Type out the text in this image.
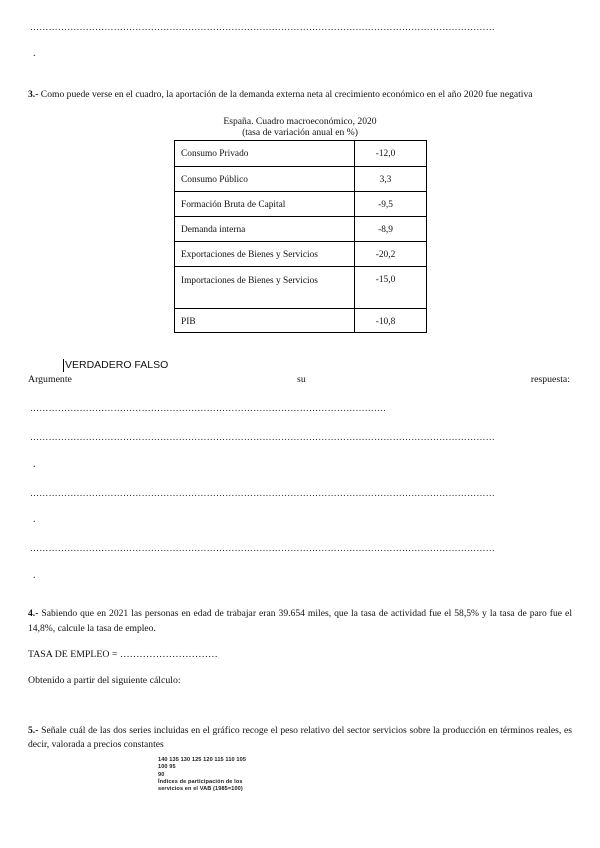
……………………………………………………………………………………………………………………………………
.
3.- Como puede verse en el cuadro, la aportación de la demanda externa neta al crecimiento económico en el año 2020 fue negativa
España. Cuadro macroeconómico, 2020
(tasa de variación anual en %)
Consumo Privado	-12,0
Consumo Público	3,3
Formación Bruta de Capital	-9,5
Demanda interna	-8,9
Exportaciones de Bienes y Servicios	-20,2
Importaciones de Bienes y Servicios	-15,0
PIB	-10,8
VERDADERO FALSO
Argumente	su	respuesta:
…………………………………………………………………………………………………….
……………………………………………………………………………………………………………………………………
.
……………………………………………………………………………………………………………………………………
.
……………………………………………………………………………………………………………………………………
.
4.- Sabiendo que en 2021 las personas en edad de trabajar eran 39.654 miles, que la tasa de actividad fue el 58,5% y la tasa de paro fue el 14,8%, calcule la tasa de empleo.
TASA DE EMPLEO = …………………………
Obtenido a partir del siguiente cálculo:
5.- Señale cuál de las dos series incluidas en el gráfico recoge el peso relativo del sector servicios sobre la producción en términos reales, es decir, valorada a precios constantes
140 135 130 125 120 115 110 105
100 95
90
Índices de participación de los
servicios en el VAB (1985=100)
